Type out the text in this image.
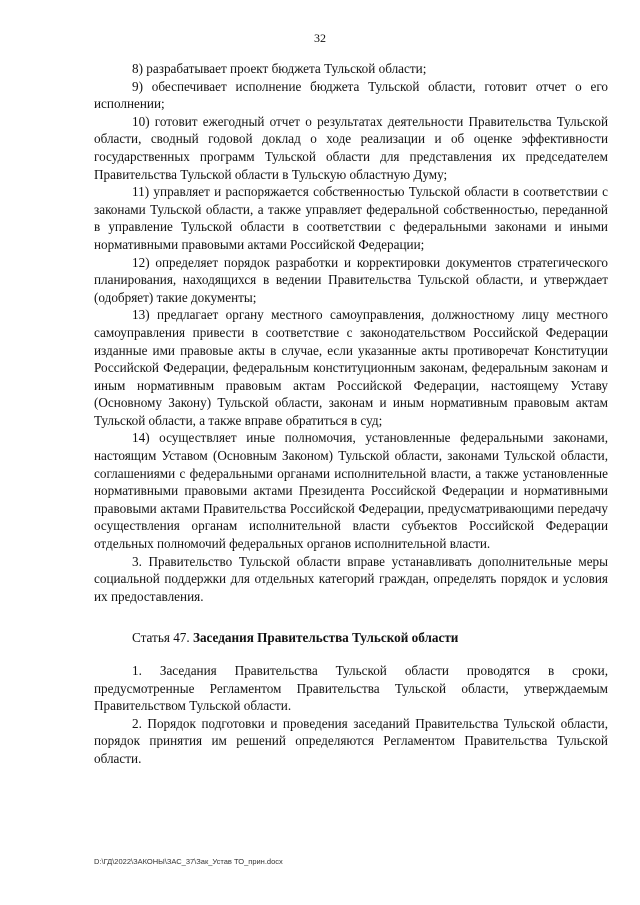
32

8) разрабатывает проект бюджета Тульской области;

9) обеспечивает исполнение бюджета Тульской области, готовит отчет о его исполнении;

10) готовит ежегодный отчет о результатах деятельности Правительства Тульской области, сводный годовой доклад о ходе реализации и об оценке эффективности государственных программ Тульской области для представления их председателем Правительства Тульской области в Тульскую областную Думу;

11) управляет и распоряжается собственностью Тульской области в соответствии с законами Тульской области, а также управляет федеральной собственностью, переданной в управление Тульской области в соответствии с федеральными законами и иными нормативными правовыми актами Российской Федерации;

12) определяет порядок разработки и корректировки документов стратегического планирования, находящихся в ведении Правительства Тульской области, и утверждает (одобряет) такие документы;

13) предлагает органу местного самоуправления, должностному лицу местного самоуправления привести в соответствие с законодательством Российской Федерации изданные ими правовые акты в случае, если указанные акты противоречат Конституции Российской Федерации, федеральным конституционным законам, федеральным законам и иным нормативным правовым актам Российской Федерации, настоящему Уставу (Основному Закону) Тульской области, законам и иным нормативным правовым актам Тульской области, а также вправе обратиться в суд;

14) осуществляет иные полномочия, установленные федеральными законами, настоящим Уставом (Основным Законом) Тульской области, законами Тульской области, соглашениями с федеральными органами исполнительной власти, а также установленные нормативными правовыми актами Президента Российской Федерации и нормативными правовыми актами Правительства Российской Федерации, предусматривающими передачу осуществления органам исполнительной власти субъектов Российской Федерации отдельных полномочий федеральных органов исполнительной власти.

3. Правительство Тульской области вправе устанавливать дополнительные меры социальной поддержки для отдельных категорий граждан, определять порядок и условия их предоставления.

Статья 47. Заседания Правительства Тульской области

1. Заседания Правительства Тульской области проводятся в сроки, предусмотренные Регламентом Правительства Тульской области, утверждаемым Правительством Тульской области.

2. Порядок подготовки и проведения заседаний Правительства Тульской области, порядок принятия им решений определяются Регламентом Правительства Тульской области.

D:\ГД\2022\ЗАКОНЫ\ЗАС_37\Зак_Устав ТО_прин.docx
